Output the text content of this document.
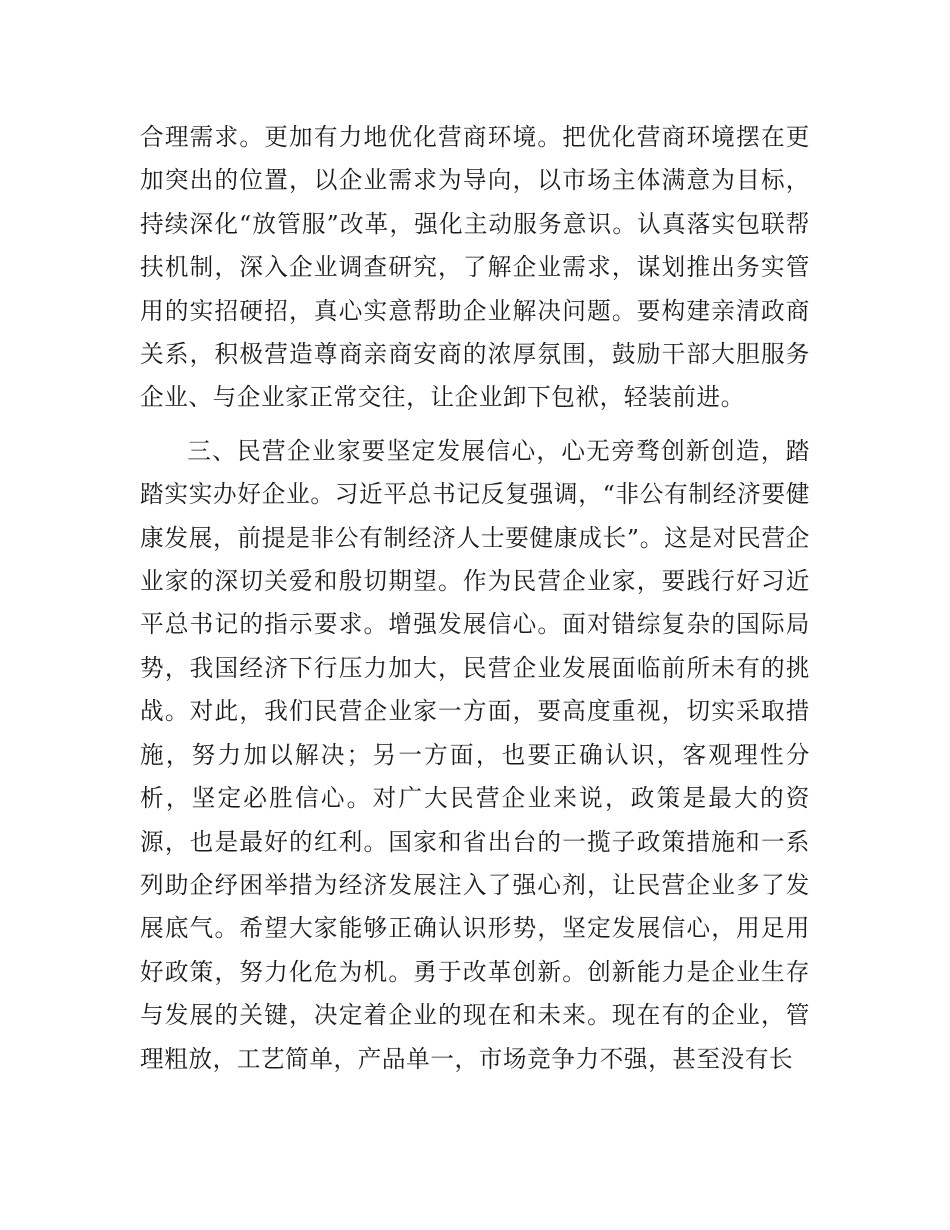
合理需求。更加有力地优化营商环境。把优化营商环境摆在更加突出的位置，以企业需求为导向，以市场主体满意为目标，持续深化“放管服”改革，强化主动服务意识。认真落实包联帮扶机制，深入企业调查研究，了解企业需求，谋划推出务实管用的实招硬招，真心实意帮助企业解决问题。要构建亲清政商关系，积极营造尊商亲商安商的浓厚氛围，鼓励干部大胆服务企业、与企业家正常交往，让企业卸下包袱，轻装前进。

三、民营企业家要坚定发展信心，心无旁骛创新创造，踏踏实实办好企业。习近平总书记反复强调，“非公有制经济要健康发展，前提是非公有制经济人士要健康成长”。这是对民营企业家的深切关爱和殷切期望。作为民营企业家，要践行好习近平总书记的指示要求。增强发展信心。面对错综复杂的国际局势，我国经济下行压力加大，民营企业发展面临前所未有的挑战。对此，我们民营企业家一方面，要高度重视，切实采取措施，努力加以解决；另一方面，也要正确认识，客观理性分析，坚定必胜信心。对广大民营企业来说，政策是最大的资源，也是最好的红利。国家和省出台的一揽子政策措施和一系列助企纾困举措为经济发展注入了强心剂，让民营企业多了发展底气。希望大家能够正确认识形势，坚定发展信心，用足用好政策，努力化危为机。勇于改革创新。创新能力是企业生存与发展的关键，决定着企业的现在和未来。现在有的企业，管理粗放，工艺简单，产品单一，市场竞争力不强，甚至没有长
